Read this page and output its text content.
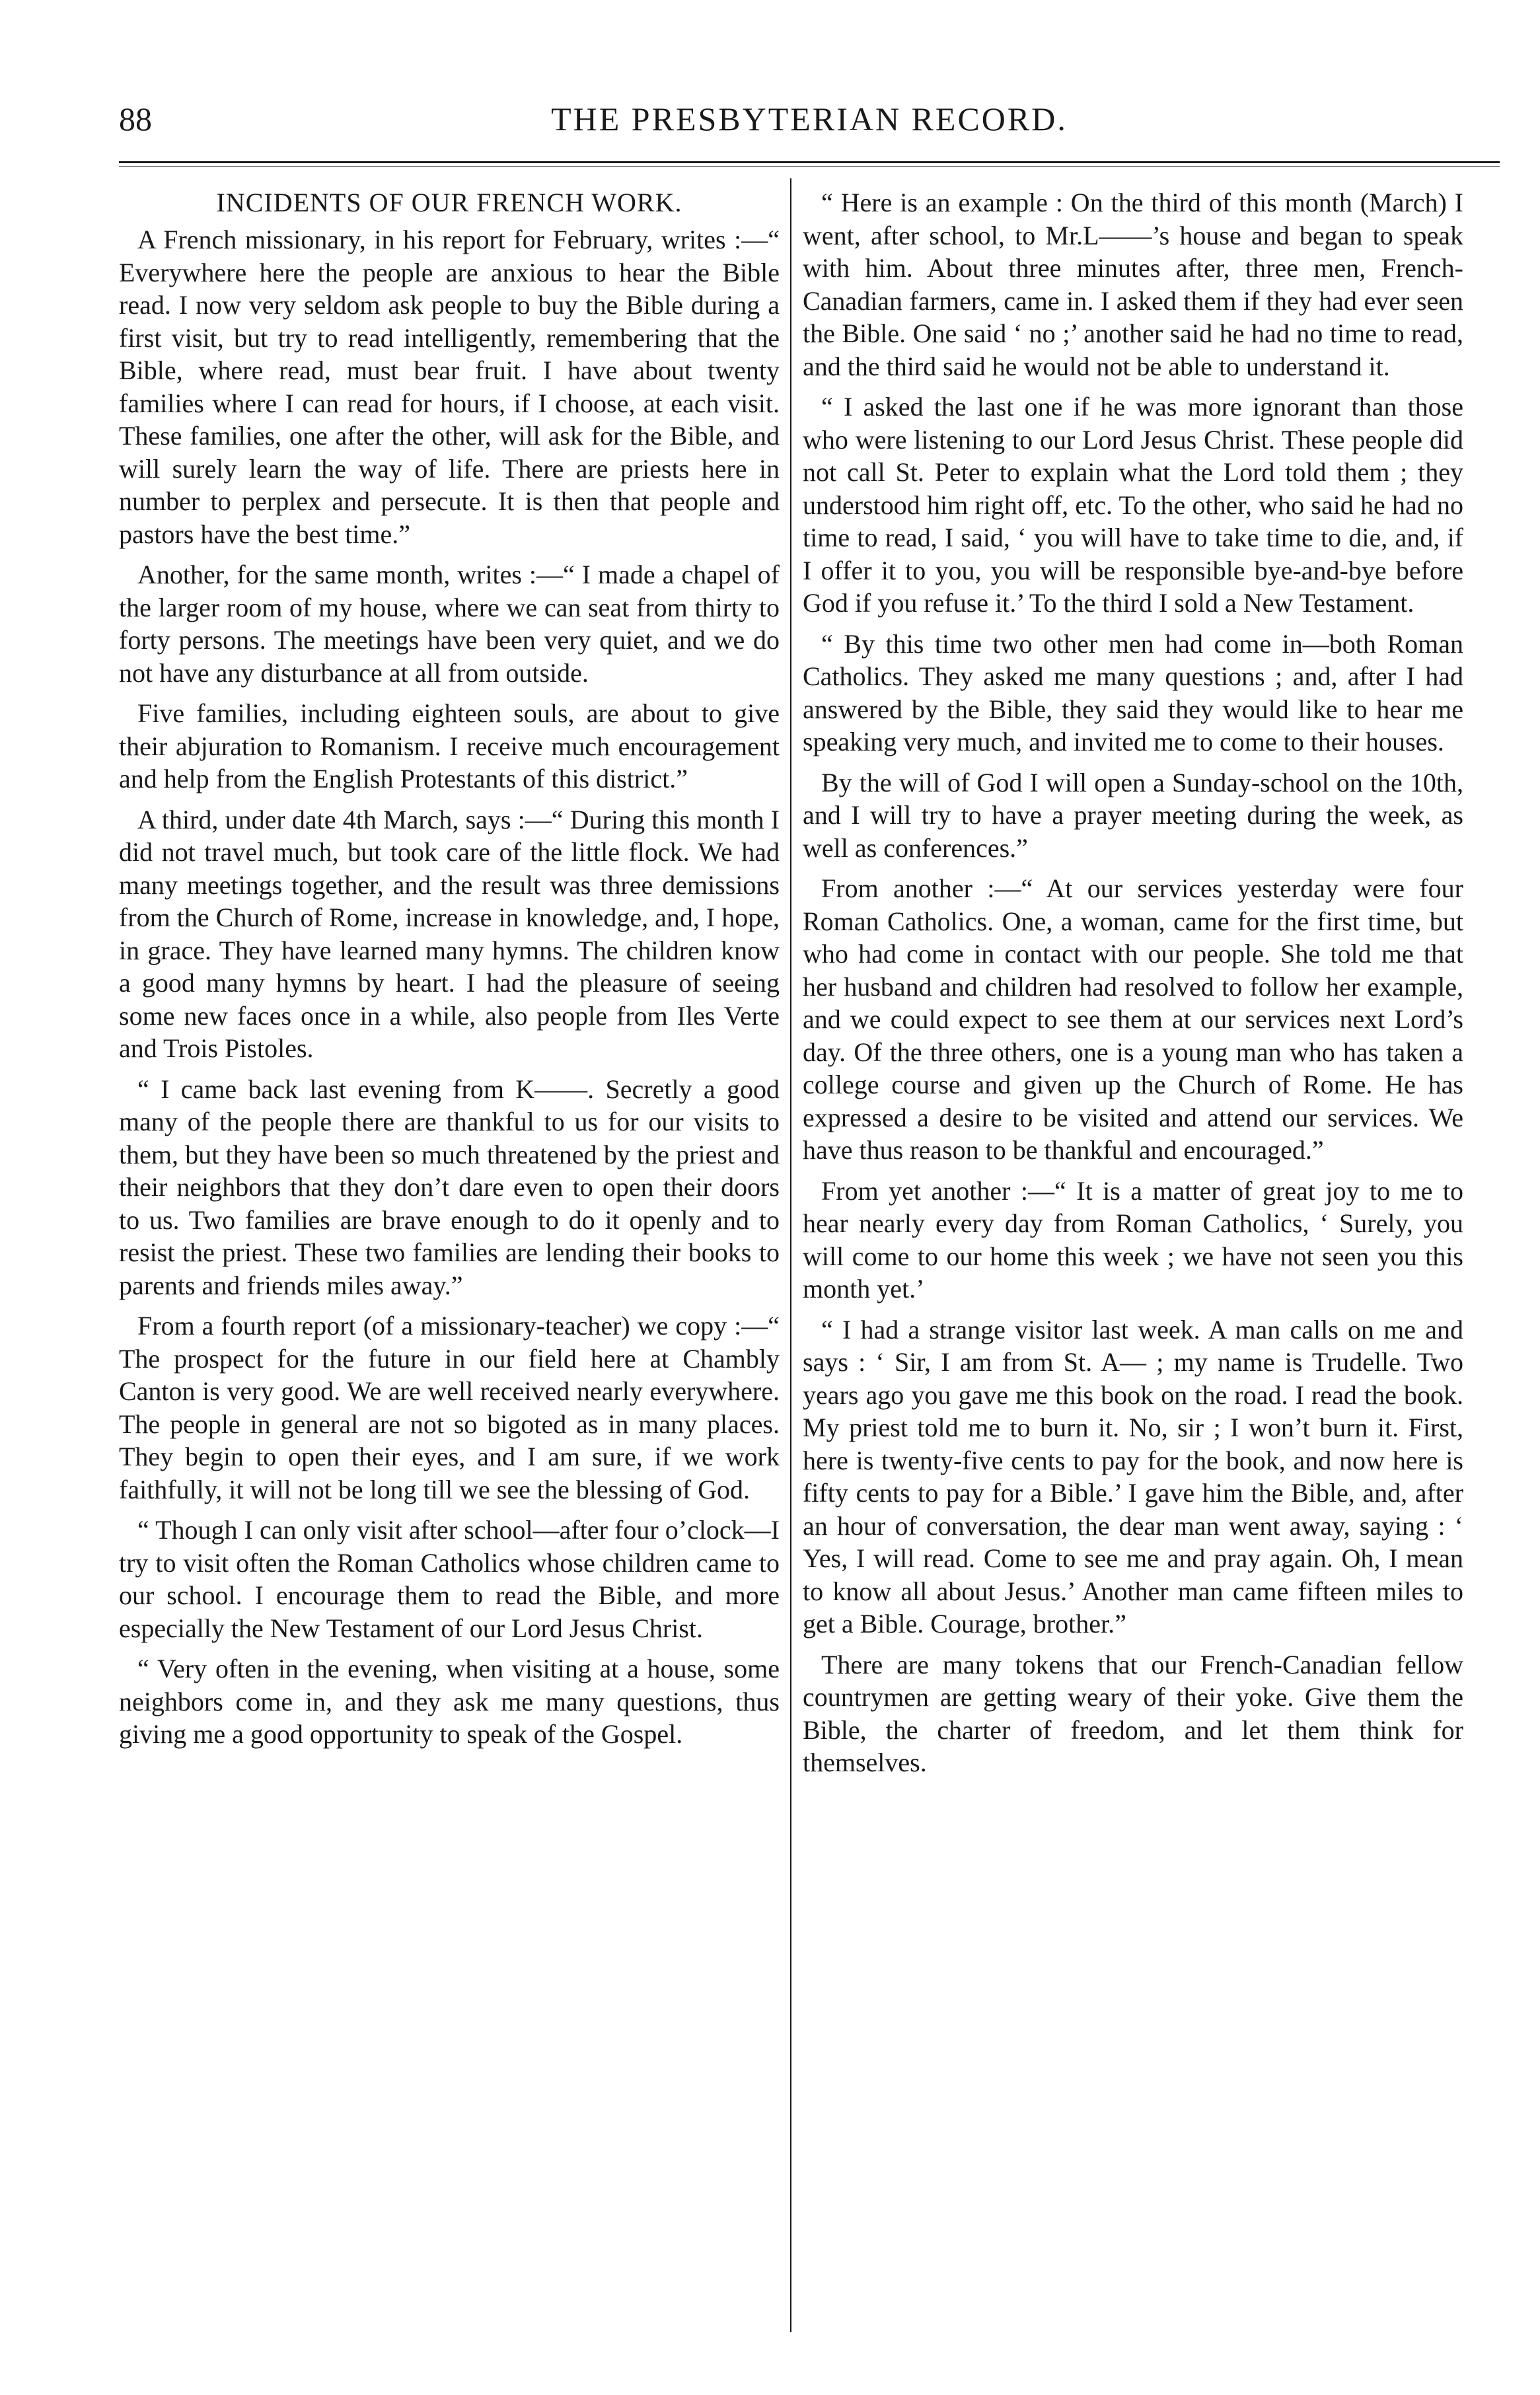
88	THE PRESBYTERIAN RECORD.
INCIDENTS OF OUR FRENCH WORK.

A French missionary, in his report for February, writes :—“ Everywhere here the people are anxious to hear the Bible read. I now very seldom ask people to buy the Bible during a first visit, but try to read intelligently, remembering that the Bible, where read, must bear fruit. I have about twenty families where I can read for hours, if I choose, at each visit. These families, one after the other, will ask for the Bible, and will surely learn the way of life. There are priests here in number to perplex and persecute. It is then that people and pastors have the best time.”

Another, for the same month, writes :—“ I made a chapel of the larger room of my house, where we can seat from thirty to forty persons. The meetings have been very quiet, and we do not have any disturbance at all from outside.

Five families, including eighteen souls, are about to give their abjuration to Romanism. I receive much encouragement and help from the English Protestants of this district.”

A third, under date 4th March, says :—“ During this month I did not travel much, but took care of the little flock. We had many meetings together, and the result was three demissions from the Church of Rome, increase in knowledge, and, I hope, in grace. They have learned many hymns. The children know a good many hymns by heart. I had the pleasure of seeing some new faces once in a while, also people from Iles Verte and Trois Pistoles.

“ I came back last evening from K——. Secretly a good many of the people there are thankful to us for our visits to them, but they have been so much threatened by the priest and their neighbors that they don’t dare even to open their doors to us. Two families are brave enough to do it openly and to resist the priest. These two families are lending their books to parents and friends miles away.”

From a fourth report (of a missionary-teacher) we copy :—“ The prospect for the future in our field here at Chambly Canton is very good. We are well received nearly everywhere. The people in general are not so bigoted as in many places. They begin to open their eyes, and I am sure, if we work faithfully, it will not be long till we see the blessing of God.

“ Though I can only visit after school—after four o’clock—I try to visit often the Roman Catholics whose children came to our school. I encourage them to read the Bible, and more especially the New Testament of our Lord Jesus Christ.

“ Very often in the evening, when visiting at a house, some neighbors come in, and they ask me many questions, thus giving me a good opportunity to speak of the Gospel.

“ Here is an example : On the third of this month (March) I went, after school, to Mr.L——’s house and began to speak with him. About three minutes after, three men, French-Canadian farmers, came in. I asked them if they had ever seen the Bible. One said ‘ no ;’ another said he had no time to read, and the third said he would not be able to understand it.

“ I asked the last one if he was more ignorant than those who were listening to our Lord Jesus Christ. These people did not call St. Peter to explain what the Lord told them ; they understood him right off, etc. To the other, who said he had no time to read, I said, ‘ you will have to take time to die, and, if I offer it to you, you will be responsible bye-and-bye before God if you refuse it.’ To the third I sold a New Testament.

“ By this time two other men had come in—both Roman Catholics. They asked me many questions ; and, after I had answered by the Bible, they said they would like to hear me speaking very much, and invited me to come to their houses.

By the will of God I will open a Sunday-school on the 10th, and I will try to have a prayer meeting during the week, as well as conferences.”

From another :—“ At our services yesterday were four Roman Catholics. One, a woman, came for the first time, but who had come in contact with our people. She told me that her husband and children had resolved to follow her example, and we could expect to see them at our services next Lord’s day. Of the three others, one is a young man who has taken a college course and given up the Church of Rome. He has expressed a desire to be visited and attend our services. We have thus reason to be thankful and encouraged.”

From yet another :—“ It is a matter of great joy to me to hear nearly every day from Roman Catholics, ‘ Surely, you will come to our home this week ; we have not seen you this month yet.’

“ I had a strange visitor last week. A man calls on me and says : ‘ Sir, I am from St. A— ; my name is Trudelle. Two years ago you gave me this book on the road. I read the book. My priest told me to burn it. No, sir ; I won’t burn it. First, here is twenty-five cents to pay for the book, and now here is fifty cents to pay for a Bible.’ I gave him the Bible, and, after an hour of conversation, the dear man went away, saying : ‘ Yes, I will read. Come to see me and pray again. Oh, I mean to know all about Jesus.’ Another man came fifteen miles to get a Bible. Courage, brother.”

There are many tokens that our French-Canadian fellow countrymen are getting weary of their yoke. Give them the Bible, the charter of freedom, and let them think for themselves.
